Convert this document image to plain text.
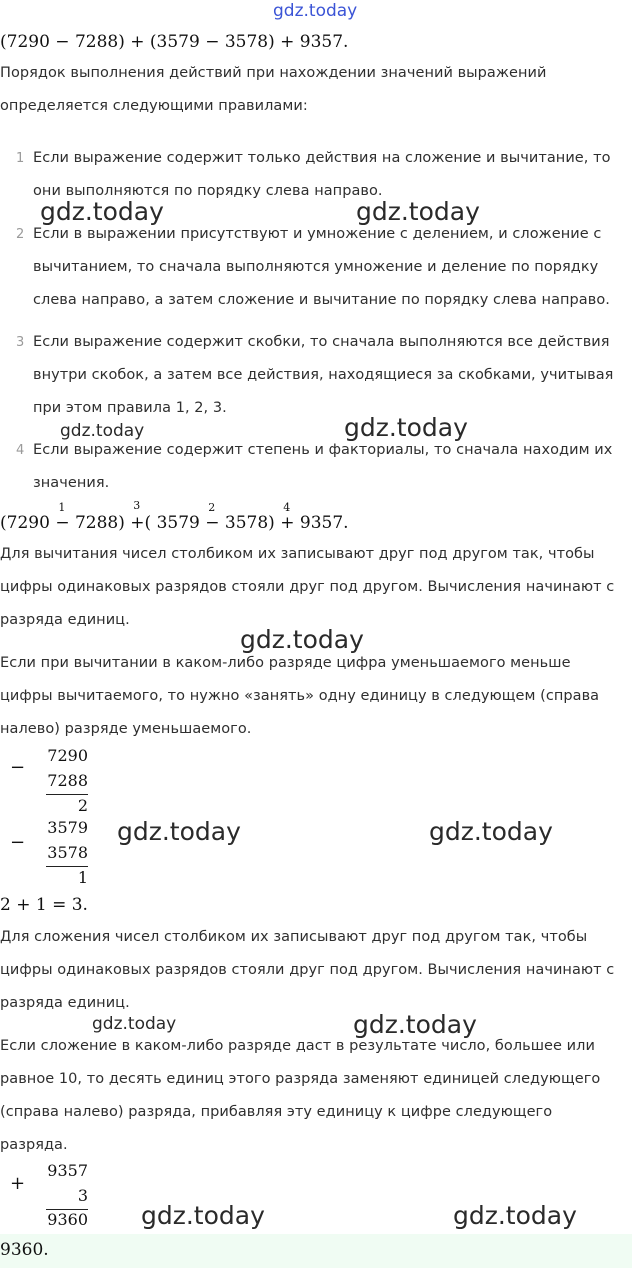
gdz.today
gdz.today	gdz.today
gdz.today	gdz.today
gdz.today
gdz.today	gdz.today
gdz.today	gdz.today
gdz.today	gdz.today
(7290 − 7288) + (3579 − 3578) + 9357.
Порядок выполнения действий при нахождении значений выражений
определяется следующими правилами:
1 Если выражение содержит только действия на сложение и вычитание, то
они выполняются по порядку слева направо.
2 Если в выражении присутствуют и умножение с делением, и сложение с
вычитанием, то сначала выполняются умножение и деление по порядку
слева направо, а затем сложение и вычитание по порядку слева направо.
3 Если выражение содержит скобки, то сначала выполняются все действия
внутри скобок, а затем все действия, находящиеся за скобками, учитывая
при этом правила 1, 2, 3.
4 Если выражение содержит степень и факториалы, то сначала находим их
значения.
(7290
1
− 7288)
3
+( 3579
2
− 3578)
4
+ 9357.
Для вычитания чисел столбиком их записывают друг под другом так, чтобы
цифры одинаковых разрядов стояли друг под другом. Вычисления начинают с
разряда единиц.
Если при вычитании в каком-либо разряде цифра уменьшаемого меньше
цифры вычитаемого, то нужно «занять» одну единицу в следующем (справа
налево) разряде уменьшаемого.
−
7290
7288
2
−
3579
3578
1
2 + 1 = 3.
Для сложения чисел столбиком их записывают друг под другом так, чтобы
цифры одинаковых разрядов стояли друг под другом. Вычисления начинают с
разряда единиц.
Если сложение в каком-либо разряде даст в результате число, большее или
равное 10, то десять единиц этого разряда заменяют единицей следующего
(справа налево) разряда, прибавляя эту единицу к цифре следующего
разряда.
+
9357
3
9360
9360.
